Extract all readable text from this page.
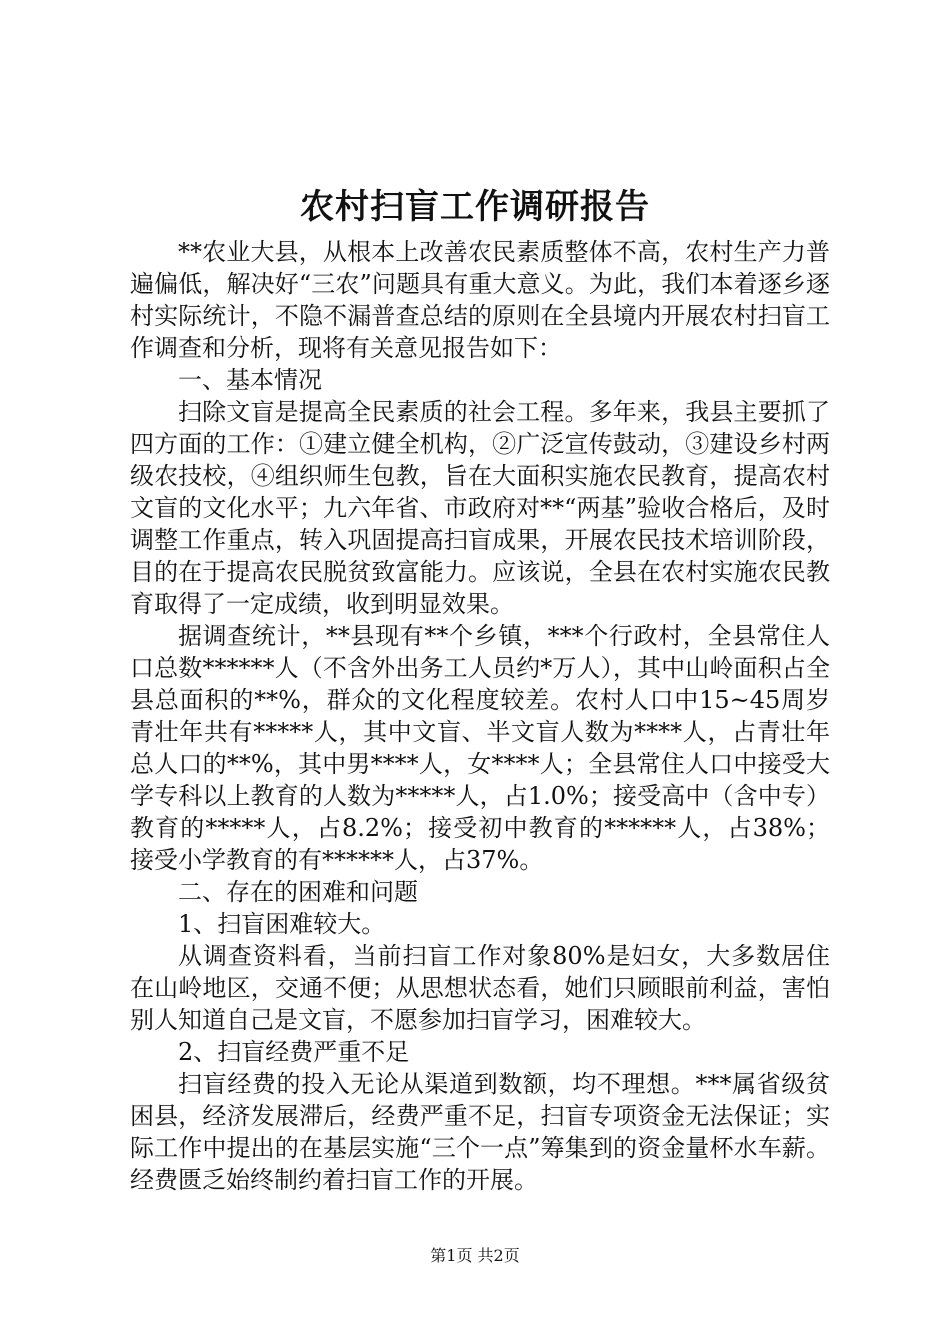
农村扫盲工作调研报告

**农业大县，从根本上改善农民素质整体不高，农村生产力普遍偏低，解决好“三农”问题具有重大意义。为此，我们本着逐乡逐村实际统计，不隐不漏普查总结的原则在全县境内开展农村扫盲工作调查和分析，现将有关意见报告如下：

一、基本情况

扫除文盲是提高全民素质的社会工程。多年来，我县主要抓了四方面的工作：①建立健全机构，②广泛宣传鼓动，③建设乡村两级农技校，④组织师生包教，旨在大面积实施农民教育，提高农村文盲的文化水平；九六年省、市政府对**“两基”验收合格后，及时调整工作重点，转入巩固提高扫盲成果，开展农民技术培训阶段，目的在于提高农民脱贫致富能力。应该说，全县在农村实施农民教育取得了一定成绩，收到明显效果。

据调查统计，**县现有**个乡镇，***个行政村，全县常住人口总数******人（不含外出务工人员约*万人），其中山岭面积占全县总面积的**%，群众的文化程度较差。农村人口中15~45周岁青壮年共有*****人，其中文盲、半文盲人数为****人，占青壮年总人口的**%，其中男****人，女****人；全县常住人口中接受大学专科以上教育的人数为*****人，占1.0%；接受高中（含中专）教育的*****人，占8.2%；接受初中教育的******人，占38%；接受小学教育的有******人，占37%。

二、存在的困难和问题

1、扫盲困难较大。

从调查资料看，当前扫盲工作对象80%是妇女，大多数居住在山岭地区，交通不便；从思想状态看，她们只顾眼前利益，害怕别人知道自己是文盲，不愿参加扫盲学习，困难较大。

2、扫盲经费严重不足

扫盲经费的投入无论从渠道到数额，均不理想。***属省级贫困县，经济发展滞后，经费严重不足，扫盲专项资金无法保证；实际工作中提出的在基层实施“三个一点”筹集到的资金量杯水车薪。经费匮乏始终制约着扫盲工作的开展。

第1页 共2页
